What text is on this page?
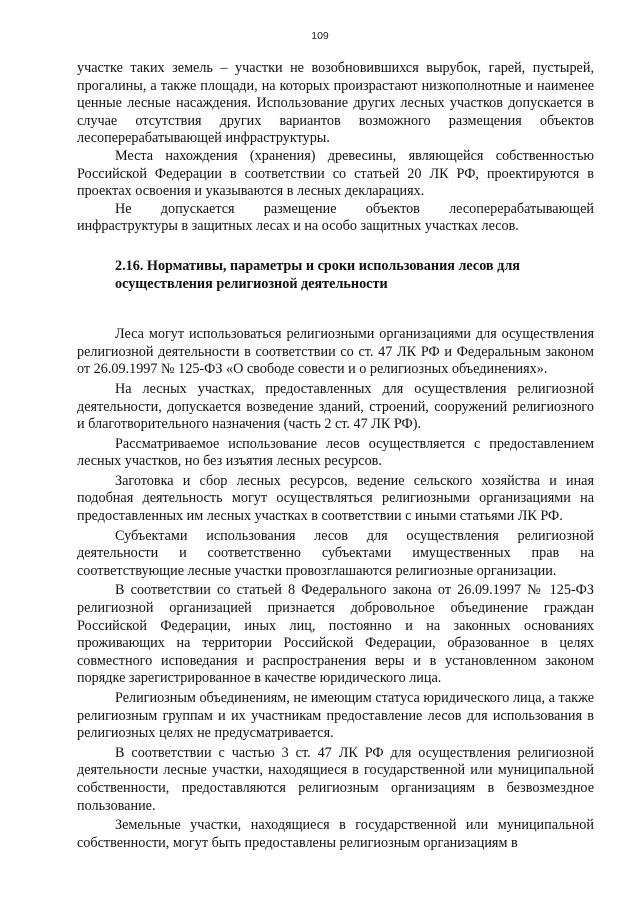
109

участке таких земель – участки не возобновившихся вырубок, гарей, пустырей, прогалины, а также площади, на которых произрастают низкополнотные и наименее ценные лесные насаждения. Использование других лесных участков допускается в случае отсутствия других вариантов возможного размещения объектов лесоперерабатывающей инфраструктуры.

Места нахождения (хранения) древесины, являющейся собственностью Российской Федерации в соответствии со статьей 20 ЛК РФ, проектируются в проектах освоения и указываются в лесных декларациях.

Не допускается размещение объектов лесоперерабатывающей инфраструктуры в защитных лесах и на особо защитных участках лесов.

2.16. Нормативы, параметры и сроки использования лесов для осуществления религиозной деятельности

Леса могут использоваться религиозными организациями для осуществления религиозной деятельности в соответствии со ст. 47 ЛК РФ и Федеральным законом от 26.09.1997 № 125-ФЗ «О свободе совести и о религиозных объединениях».

На лесных участках, предоставленных для осуществления религиозной деятельности, допускается возведение зданий, строений, сооружений религиозного и благотворительного назначения (часть 2 ст. 47 ЛК РФ).

Рассматриваемое использование лесов осуществляется с предоставлением лесных участков, но без изъятия лесных ресурсов.

Заготовка и сбор лесных ресурсов, ведение сельского хозяйства и иная подобная деятельность могут осуществляться религиозными организациями на предоставленных им лесных участках в соответствии с иными статьями ЛК РФ.

Субъектами использования лесов для осуществления религиозной деятельности и соответственно субъектами имущественных прав на соответствующие лесные участки провозглашаются религиозные организации.

В соответствии со статьей 8 Федерального закона от 26.09.1997 № 125-ФЗ религиозной организацией признается добровольное объединение граждан Российской Федерации, иных лиц, постоянно и на законных основаниях проживающих на территории Российской Федерации, образованное в целях совместного исповедания и распространения веры и в установленном законом порядке зарегистрированное в качестве юридического лица.

Религиозным объединениям, не имеющим статуса юридического лица, а также религиозным группам и их участникам предоставление лесов для использования в религиозных целях не предусматривается.

В соответствии с частью 3 ст. 47 ЛК РФ для осуществления религиозной деятельности лесные участки, находящиеся в государственной или муниципальной собственности, предоставляются религиозным организациям в безвозмездное пользование.

Земельные участки, находящиеся в государственной или муниципальной собственности, могут быть предоставлены религиозным организациям в
